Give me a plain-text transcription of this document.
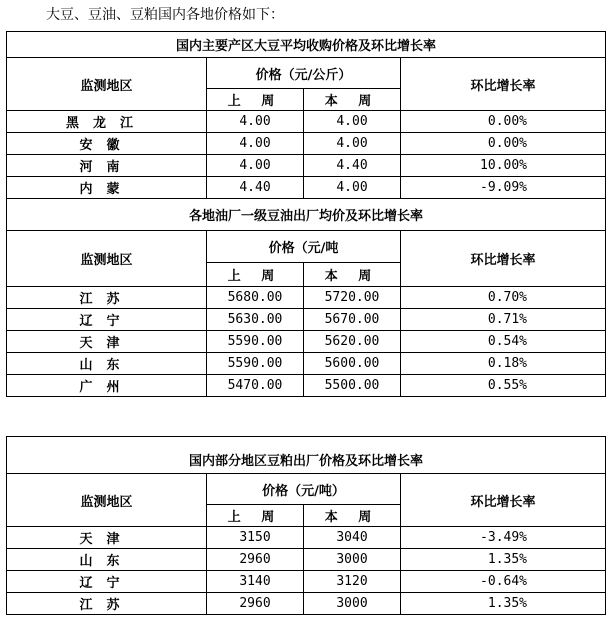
大豆、豆油、豆粕国内各地价格如下：
国内主要产区大豆平均收购价格及环比增长率			
监测地区	价格（元/公斤）		环比增长率
	上 周	本 周	
黑龙江	4.00	4.00	0.00%
安徽	4.00	4.00	0.00%
河南	4.00	4.40	10.00%
内蒙	4.40	4.00	-9.09%
各地油厂一级豆油出厂均价及环比增长率			
监测地区	价格（元/吨		环比增长率
	上 周	本 周	
江苏	5680.00	5720.00	0.70%
辽宁	5630.00	5670.00	0.71%
天津	5590.00	5620.00	0.54%
山东	5590.00	5600.00	0.18%
广州	5470.00	5500.00	0.55%
国内部分地区豆粕出厂价格及环比增长率			
监测地区	价格（元/吨）		环比增长率
	上 周	本 周	
天津	3150	3040	-3.49%
山东	2960	3000	1.35%
辽宁	3140	3120	-0.64%
江苏	2960	3000	1.35%
